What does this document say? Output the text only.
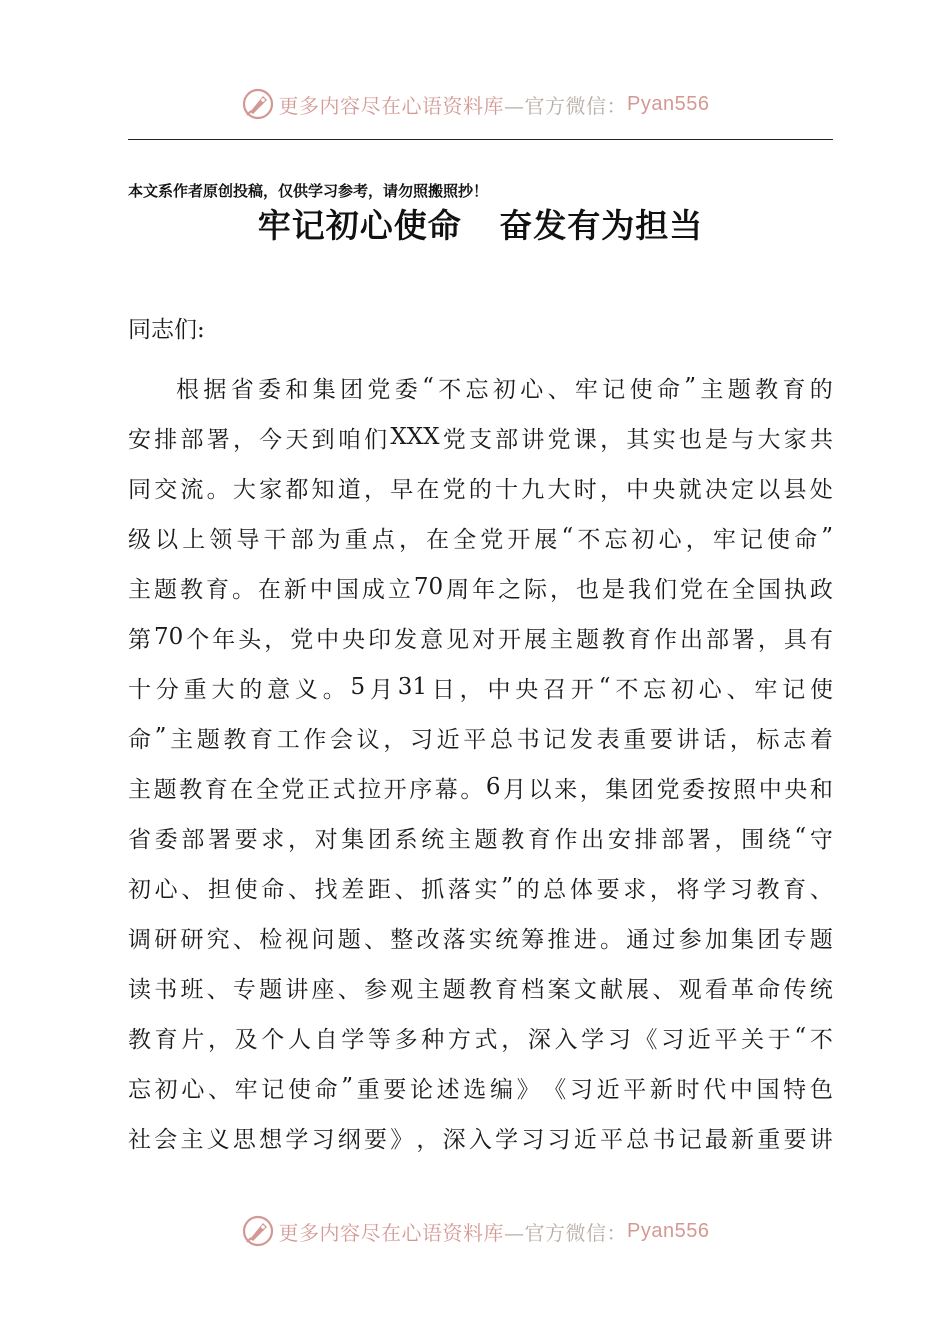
更多内容尽在心语资料库 —官方微信： Pyan556
本文系作者原创投稿，仅供学习参考，请勿照搬照抄！
牢记初心使命   奋发有为担当
同志们:
根 据 省 委 和 集 团 党 委 “ 不 忘 初 心 、 牢 记 使 命 ” 主 题 教 育 的
安 排 部 署 ， 今 天 到 咱 们 XXX 党 支 部 讲 党 课 ， 其 实 也 是 与 大 家 共
同 交 流 。 大 家 都 知 道 ， 早 在 党 的 十 九 大 时 ， 中 央 就 决 定 以 县 处
级 以 上 领 导 干 部 为 重 点 ， 在 全 党 开 展 “ 不 忘 初 心 ， 牢 记 使 命 ”
主 题 教 育 。 在 新 中 国 成 立 70 周 年 之 际 ， 也 是 我 们 党 在 全 国 执 政
第 70 个 年 头 ， 党 中 央 印 发 意 见 对 开 展 主 题 教 育 作 出 部 署 ， 具 有
十 分 重 大 的 意 义 。 5 月 31 日 ， 中 央 召 开 “ 不 忘 初 心 、 牢 记 使
命 ” 主 题 教 育 工 作 会 议 ， 习 近 平 总 书 记 发 表 重 要 讲 话 ， 标 志 着
主 题 教 育 在 全 党 正 式 拉 开 序 幕 。 6 月 以 来 ， 集 团 党 委 按 照 中 央 和
省 委 部 署 要 求 ， 对 集 团 系 统 主 题 教 育 作 出 安 排 部 署 ， 围 绕 “ 守
初 心 、 担 使 命 、 找 差 距 、 抓 落 实 ” 的 总 体 要 求 ， 将 学 习 教 育 、
调 研 研 究 、 检 视 问 题 、 整 改 落 实 统 筹 推 进 。 通 过 参 加 集 团 专 题
读 书 班 、 专 题 讲 座 、 参 观 主 题 教 育 档 案 文 献 展 、 观 看 革 命 传 统
教 育 片 ， 及 个 人 自 学 等 多 种 方 式 ， 深 入 学 习 《 习 近 平 关 于 “ 不
忘 初 心 、 牢 记 使 命 ” 重 要 论 述 选 编 》 《 习 近 平 新 时 代 中 国 特 色
社 会 主 义 思 想 学 习 纲 要 》 ， 深 入 学 习 习 近 平 总 书 记 最 新 重 要 讲
更多内容尽在心语资料库 —官方微信： Pyan556
